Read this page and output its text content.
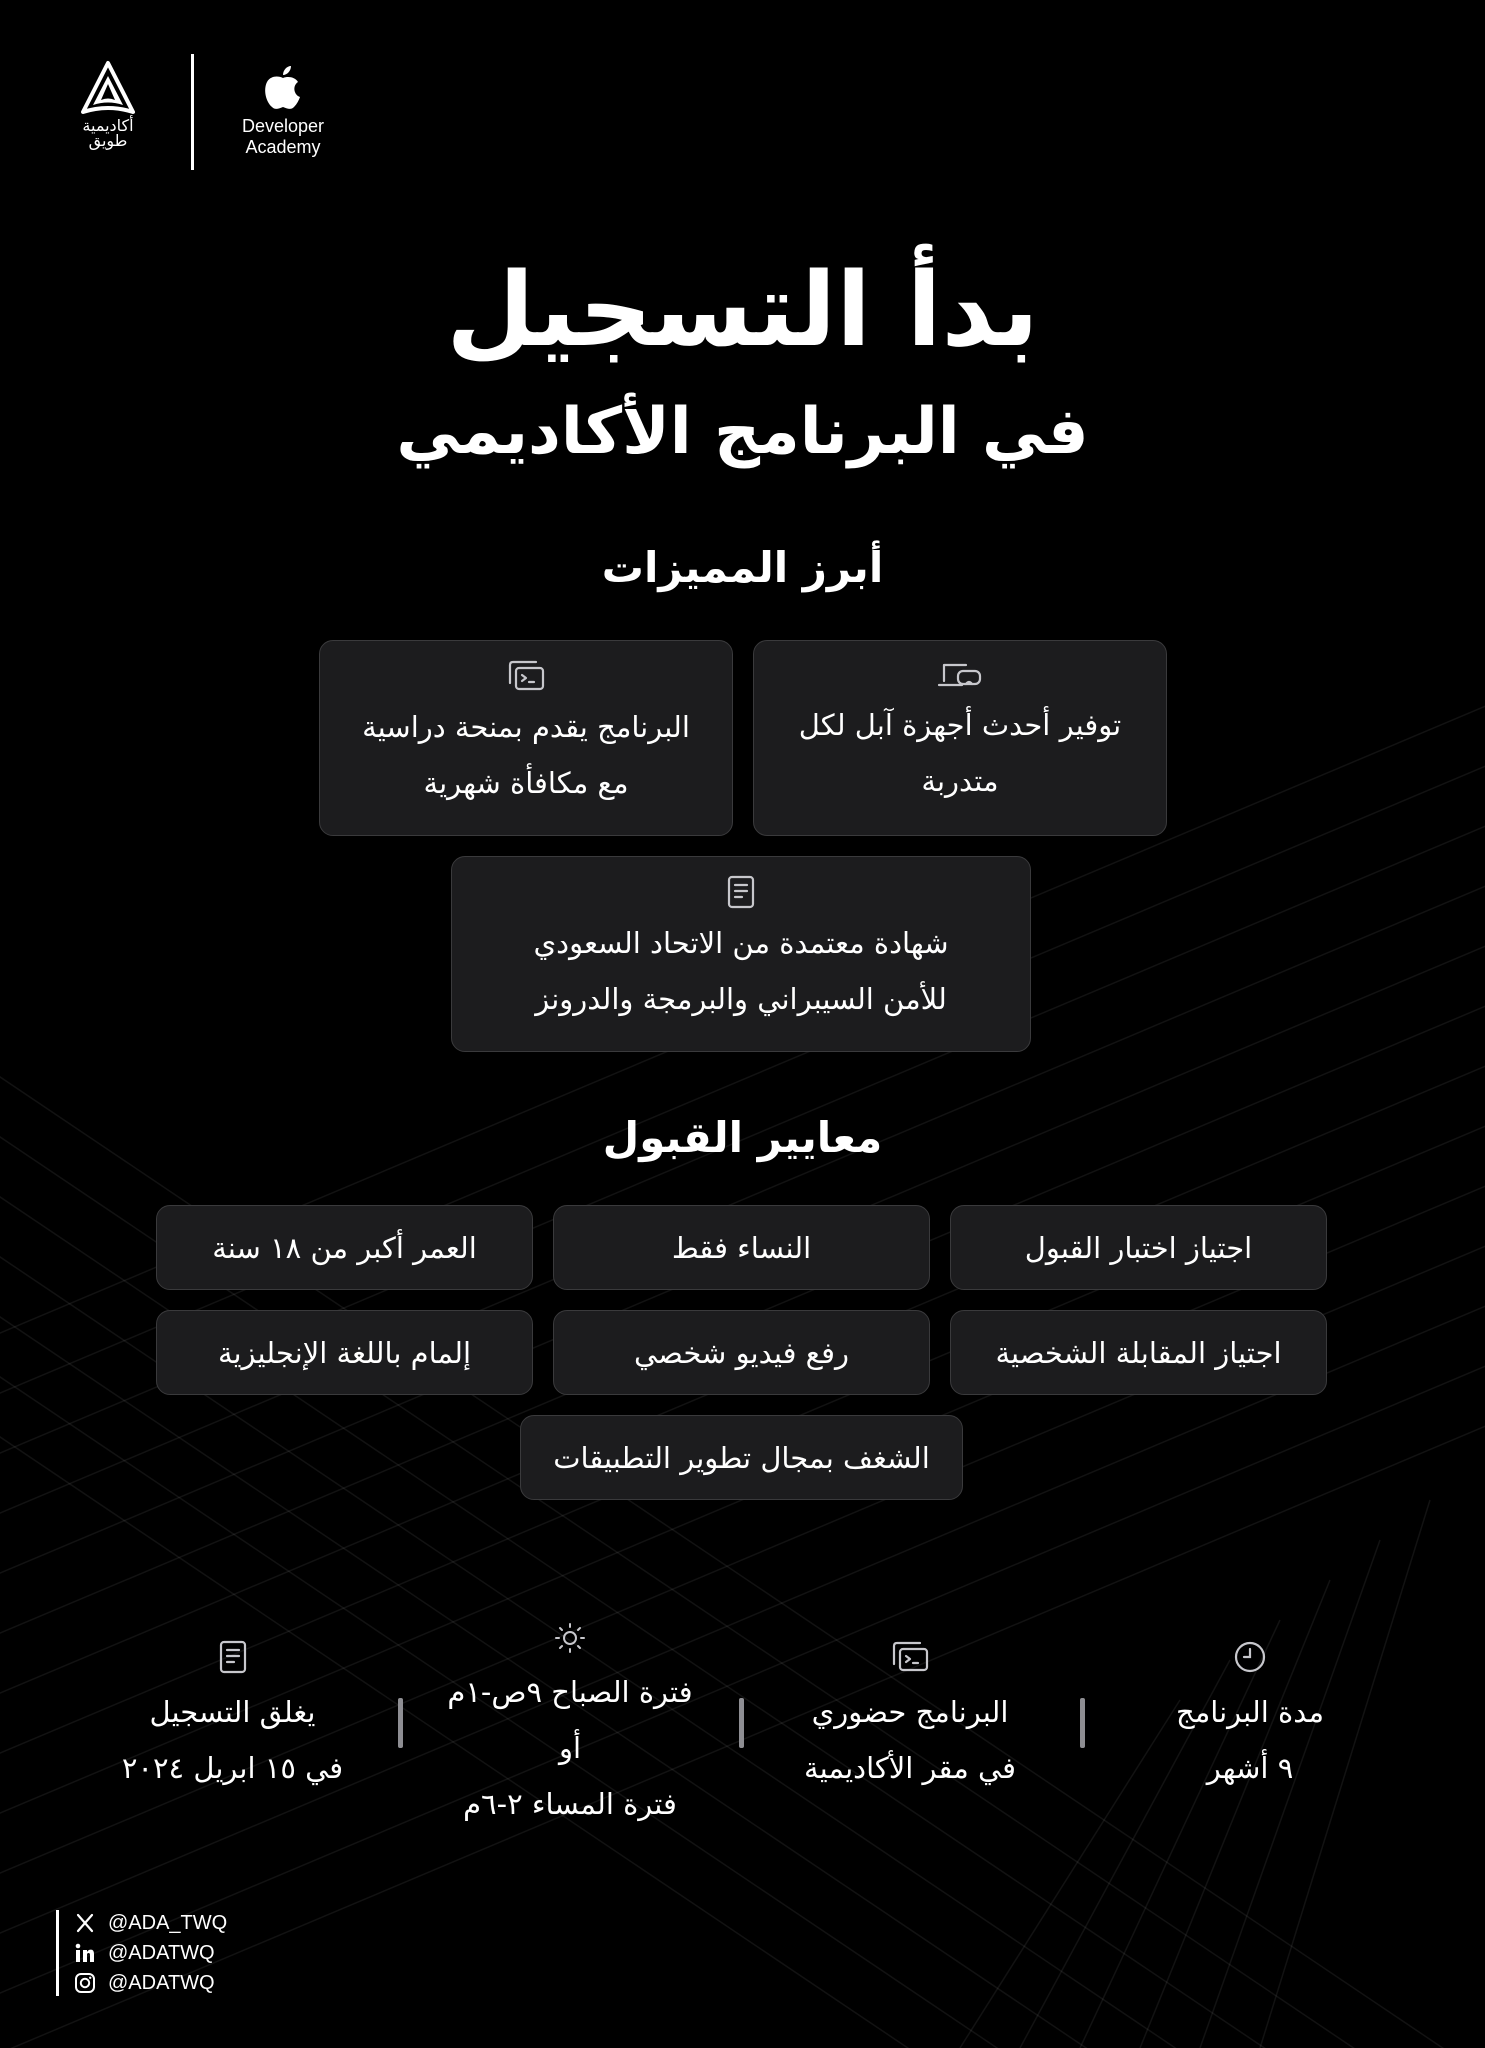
أكاديمية طويق
Developer
Academy
بدأ التسجيل
في البرنامج الأكاديمي
أبرز المميزات
توفير أحدث أجهزة آبل لكل
متدربة
البرنامج يقدم بمنحة دراسية
مع مكافأة شهرية
شهادة معتمدة من الاتحاد السعودي
للأمن السيبراني والبرمجة والدرونز
معايير القبول
اجتياز اختبار القبول
النساء فقط
العمر أكبر من ١٨ سنة
اجتياز المقابلة الشخصية
رفع فيديو شخصي
إلمام باللغة الإنجليزية
الشغف بمجال تطوير التطبيقات
مدة البرنامج
٩ أشهر
البرنامج حضوري
في مقر الأكاديمية
فترة الصباح ٩ص-١م
أو
فترة المساء ٢-٦م
يغلق التسجيل
في ١٥ ابريل ٢٠٢٤
@ADA_TWQ
@ADATWQ
@ADATWQ
